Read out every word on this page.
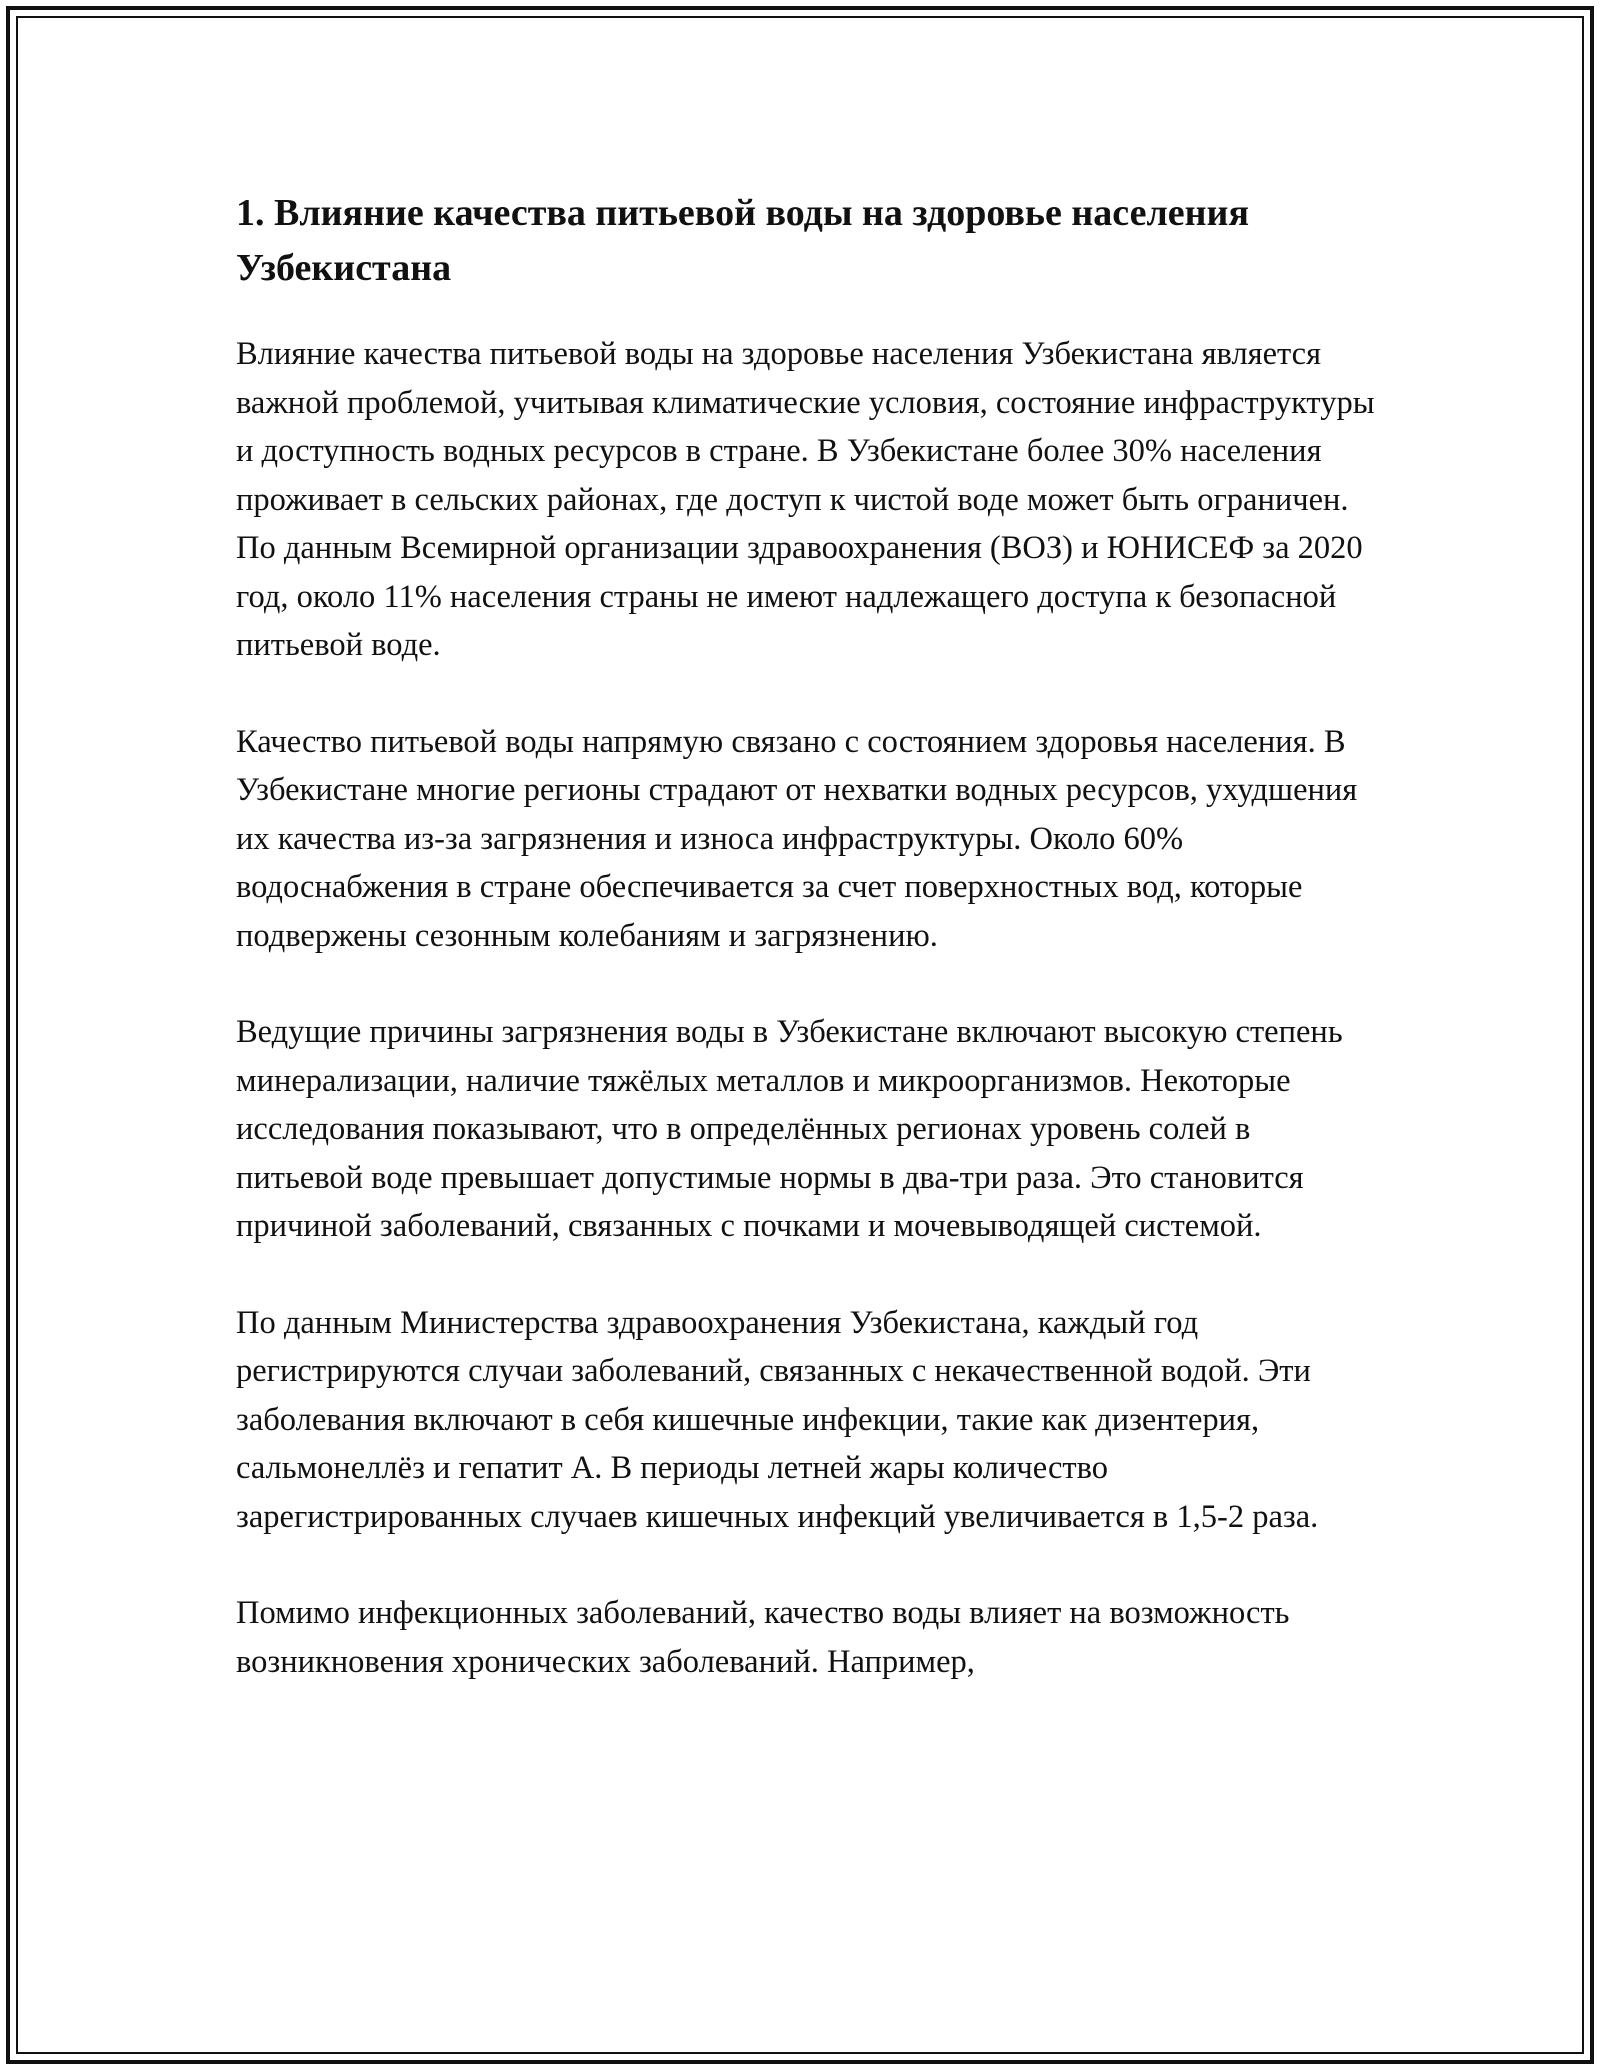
1. Влияние качества питьевой воды на здоровье населения Узбекистана

Влияние качества питьевой воды на здоровье населения Узбекистана является важной проблемой, учитывая климатические условия, состояние инфраструктуры и доступность водных ресурсов в стране. В Узбекистане более 30% населения проживает в сельских районах, где доступ к чистой воде может быть ограничен. По данным Всемирной организации здравоохранения (ВОЗ) и ЮНИСЕФ за 2020 год, около 11% населения страны не имеют надлежащего доступа к безопасной питьевой воде.

Качество питьевой воды напрямую связано с состоянием здоровья населения. В Узбекистане многие регионы страдают от нехватки водных ресурсов, ухудшения их качества из-за загрязнения и износа инфраструктуры. Около 60% водоснабжения в стране обеспечивается за счет поверхностных вод, которые подвержены сезонным колебаниям и загрязнению.

Ведущие причины загрязнения воды в Узбекистане включают высокую степень минерализации, наличие тяжёлых металлов и микроорганизмов. Некоторые исследования показывают, что в определённых регионах уровень солей в питьевой воде превышает допустимые нормы в два-три раза. Это становится причиной заболеваний, связанных с почками и мочевыводящей системой.

По данным Министерства здравоохранения Узбекистана, каждый год регистрируются случаи заболеваний, связанных с некачественной водой. Эти заболевания включают в себя кишечные инфекции, такие как дизентерия, сальмонеллёз и гепатит А. В периоды летней жары количество зарегистрированных случаев кишечных инфекций увеличивается в 1,5-2 раза.

Помимо инфекционных заболеваний, качество воды влияет на возможность возникновения хронических заболеваний. Например,
